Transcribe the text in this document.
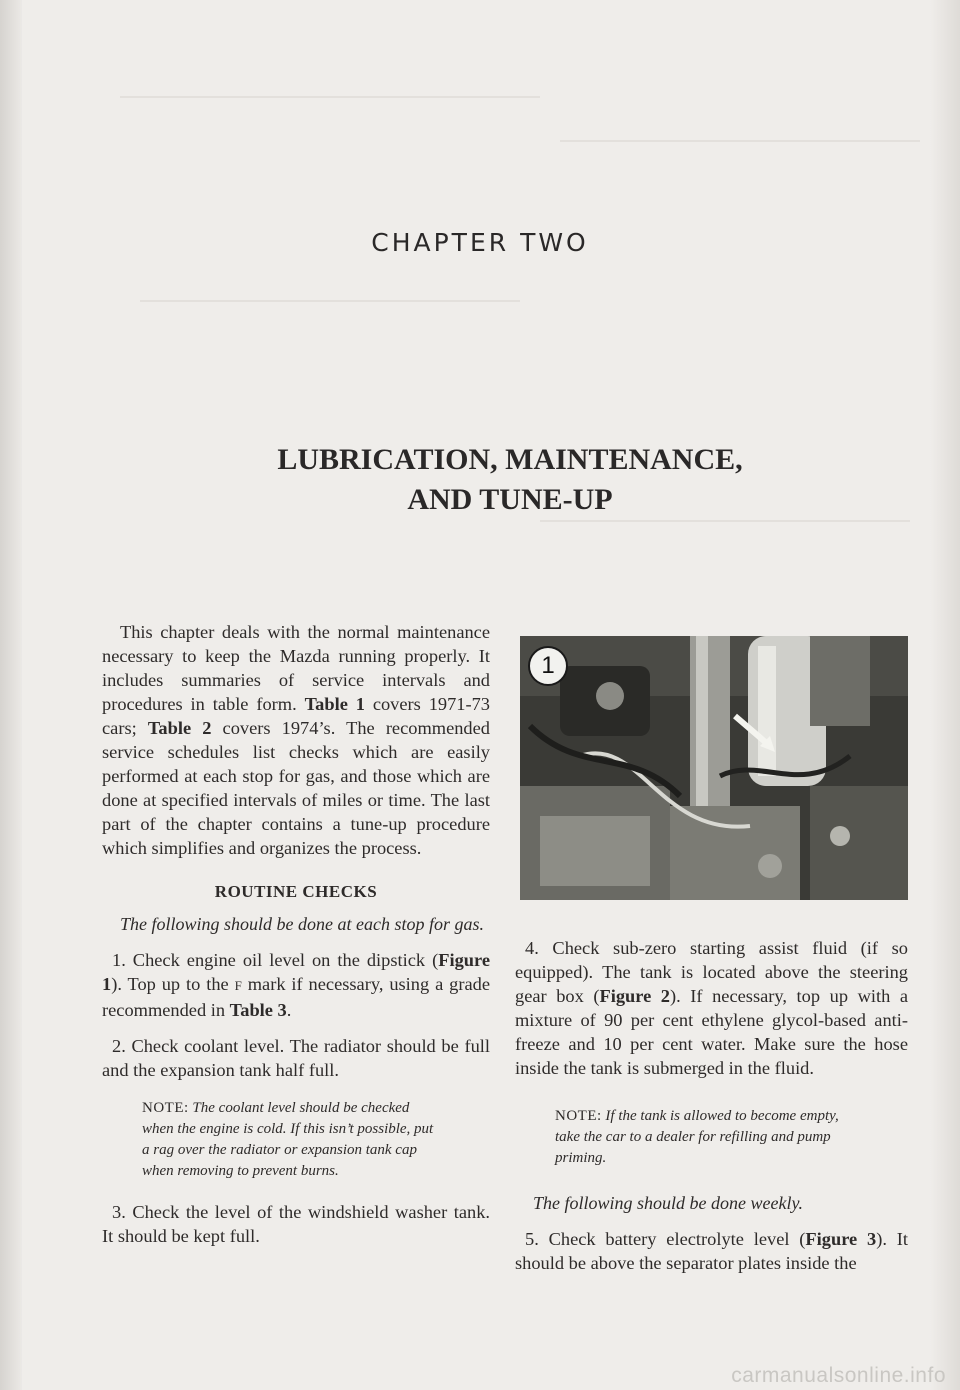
CHAPTER TWO
LUBRICATION, MAINTENANCE,
AND TUNE-UP

This chapter deals with the normal maintenance necessary to keep the Mazda running properly. It includes summaries of service intervals and procedures in table form. Table 1 covers 1971-73 cars; Table 2 covers 1974’s. The recommended service schedules list checks which are easily performed at each stop for gas, and those which are done at specified intervals of miles or time. The last part of the chapter contains a tune-up procedure which simplifies and organizes the process.

ROUTINE CHECKS

The following should be done at each stop for gas.

1. Check engine oil level on the dipstick (Figure 1). Top up to the F mark if necessary, using a grade recommended in Table 3.

2. Check coolant level. The radiator should be full and the expansion tank half full.

NOTE: The coolant level should be checked when the engine is cold. If this isn’t possible, put a rag over the radiator or expansion tank cap when removing to prevent burns.

3. Check the level of the windshield washer tank. It should be kept full.

1

4. Check sub-zero starting assist fluid (if so equipped). The tank is located above the steering gear box (Figure 2). If necessary, top up with a mixture of 90 per cent ethylene glycol-based anti-freeze and 10 per cent water. Make sure the hose inside the tank is submerged in the fluid.

NOTE: If the tank is allowed to become empty, take the car to a dealer for refilling and pump priming.

The following should be done weekly.

5. Check battery electrolyte level (Figure 3). It should be above the separator plates inside the

carmanualsonline.info
